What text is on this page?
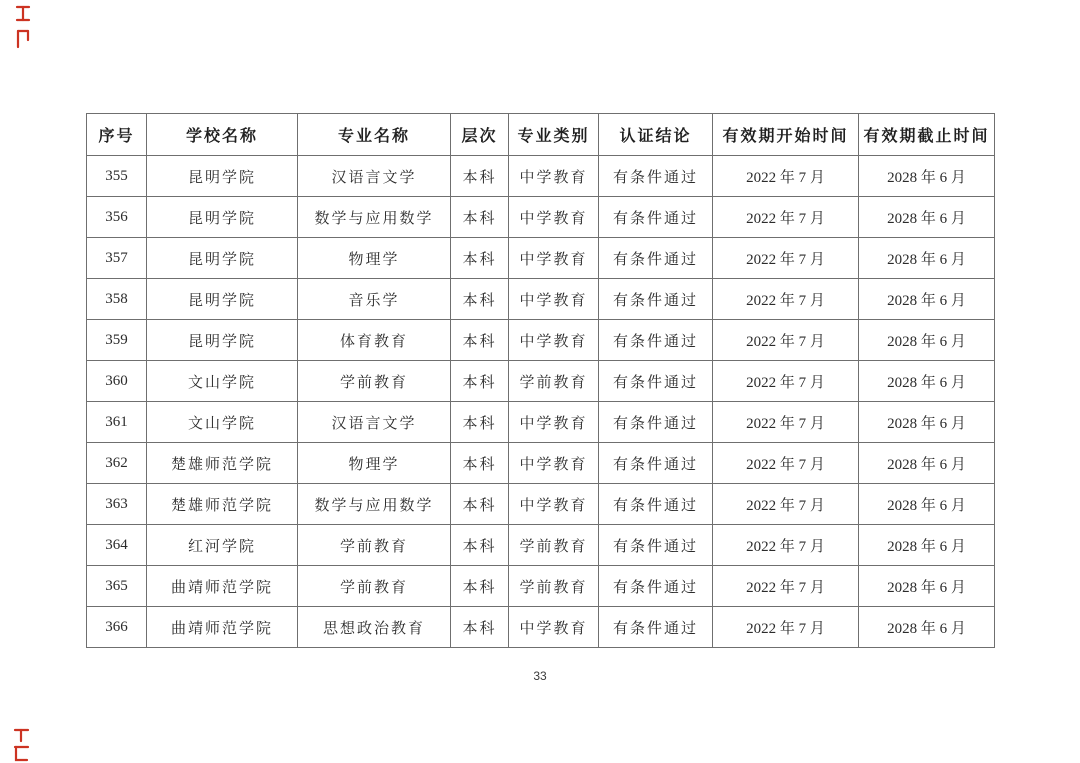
序号	学校名称	专业名称	层次	专业类别	认证结论	有效期开始时间	有效期截止时间
355	昆明学院	汉语言文学	本科	中学教育	有条件通过	2022 年 7 月	2028 年 6 月
356	昆明学院	数学与应用数学	本科	中学教育	有条件通过	2022 年 7 月	2028 年 6 月
357	昆明学院	物理学	本科	中学教育	有条件通过	2022 年 7 月	2028 年 6 月
358	昆明学院	音乐学	本科	中学教育	有条件通过	2022 年 7 月	2028 年 6 月
359	昆明学院	体育教育	本科	中学教育	有条件通过	2022 年 7 月	2028 年 6 月
360	文山学院	学前教育	本科	学前教育	有条件通过	2022 年 7 月	2028 年 6 月
361	文山学院	汉语言文学	本科	中学教育	有条件通过	2022 年 7 月	2028 年 6 月
362	楚雄师范学院	物理学	本科	中学教育	有条件通过	2022 年 7 月	2028 年 6 月
363	楚雄师范学院	数学与应用数学	本科	中学教育	有条件通过	2022 年 7 月	2028 年 6 月
364	红河学院	学前教育	本科	学前教育	有条件通过	2022 年 7 月	2028 年 6 月
365	曲靖师范学院	学前教育	本科	学前教育	有条件通过	2022 年 7 月	2028 年 6 月
366	曲靖师范学院	思想政治教育	本科	中学教育	有条件通过	2022 年 7 月	2028 年 6 月
33
